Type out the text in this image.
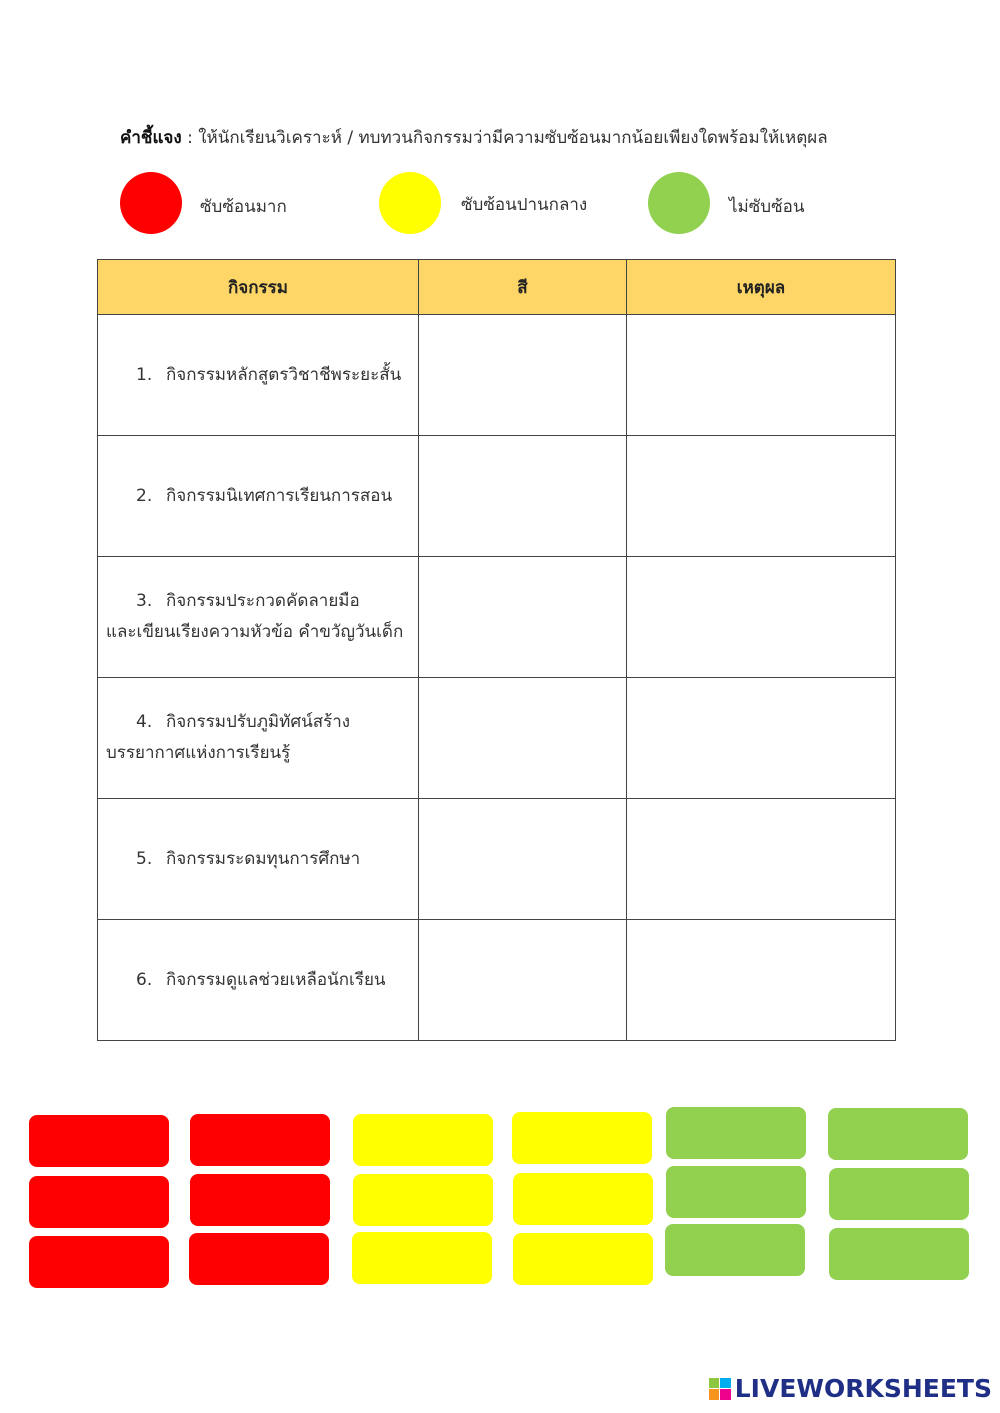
คำชี้แจง : ให้นักเรียนวิเคราะห์ / ทบทวนกิจกรรมว่ามีความซับซ้อนมากน้อยเพียงใดพร้อมให้เหตุผล
ซับซ้อนมาก	ซับซ้อนปานกลาง	ไม่ซับซ้อน
กิจกรรม	สี	เหตุผล

1. กิจกรรมหลักสูตรวิชาชีพระยะสั้น		

2. กิจกรรมนิเทศการเรียนการสอน		

3. กิจกรรมประกวดคัดลายมือ
และเขียนเรียงความหัวข้อ คำขวัญวันเด็ก		

4. กิจกรรมปรับภูมิทัศน์สร้าง
บรรยากาศแห่งการเรียนรู้		

5. กิจกรรมระดมทุนการศึกษา		

6. กิจกรรมดูแลช่วยเหลือนักเรียน		

LIVEWORKSHEETS
